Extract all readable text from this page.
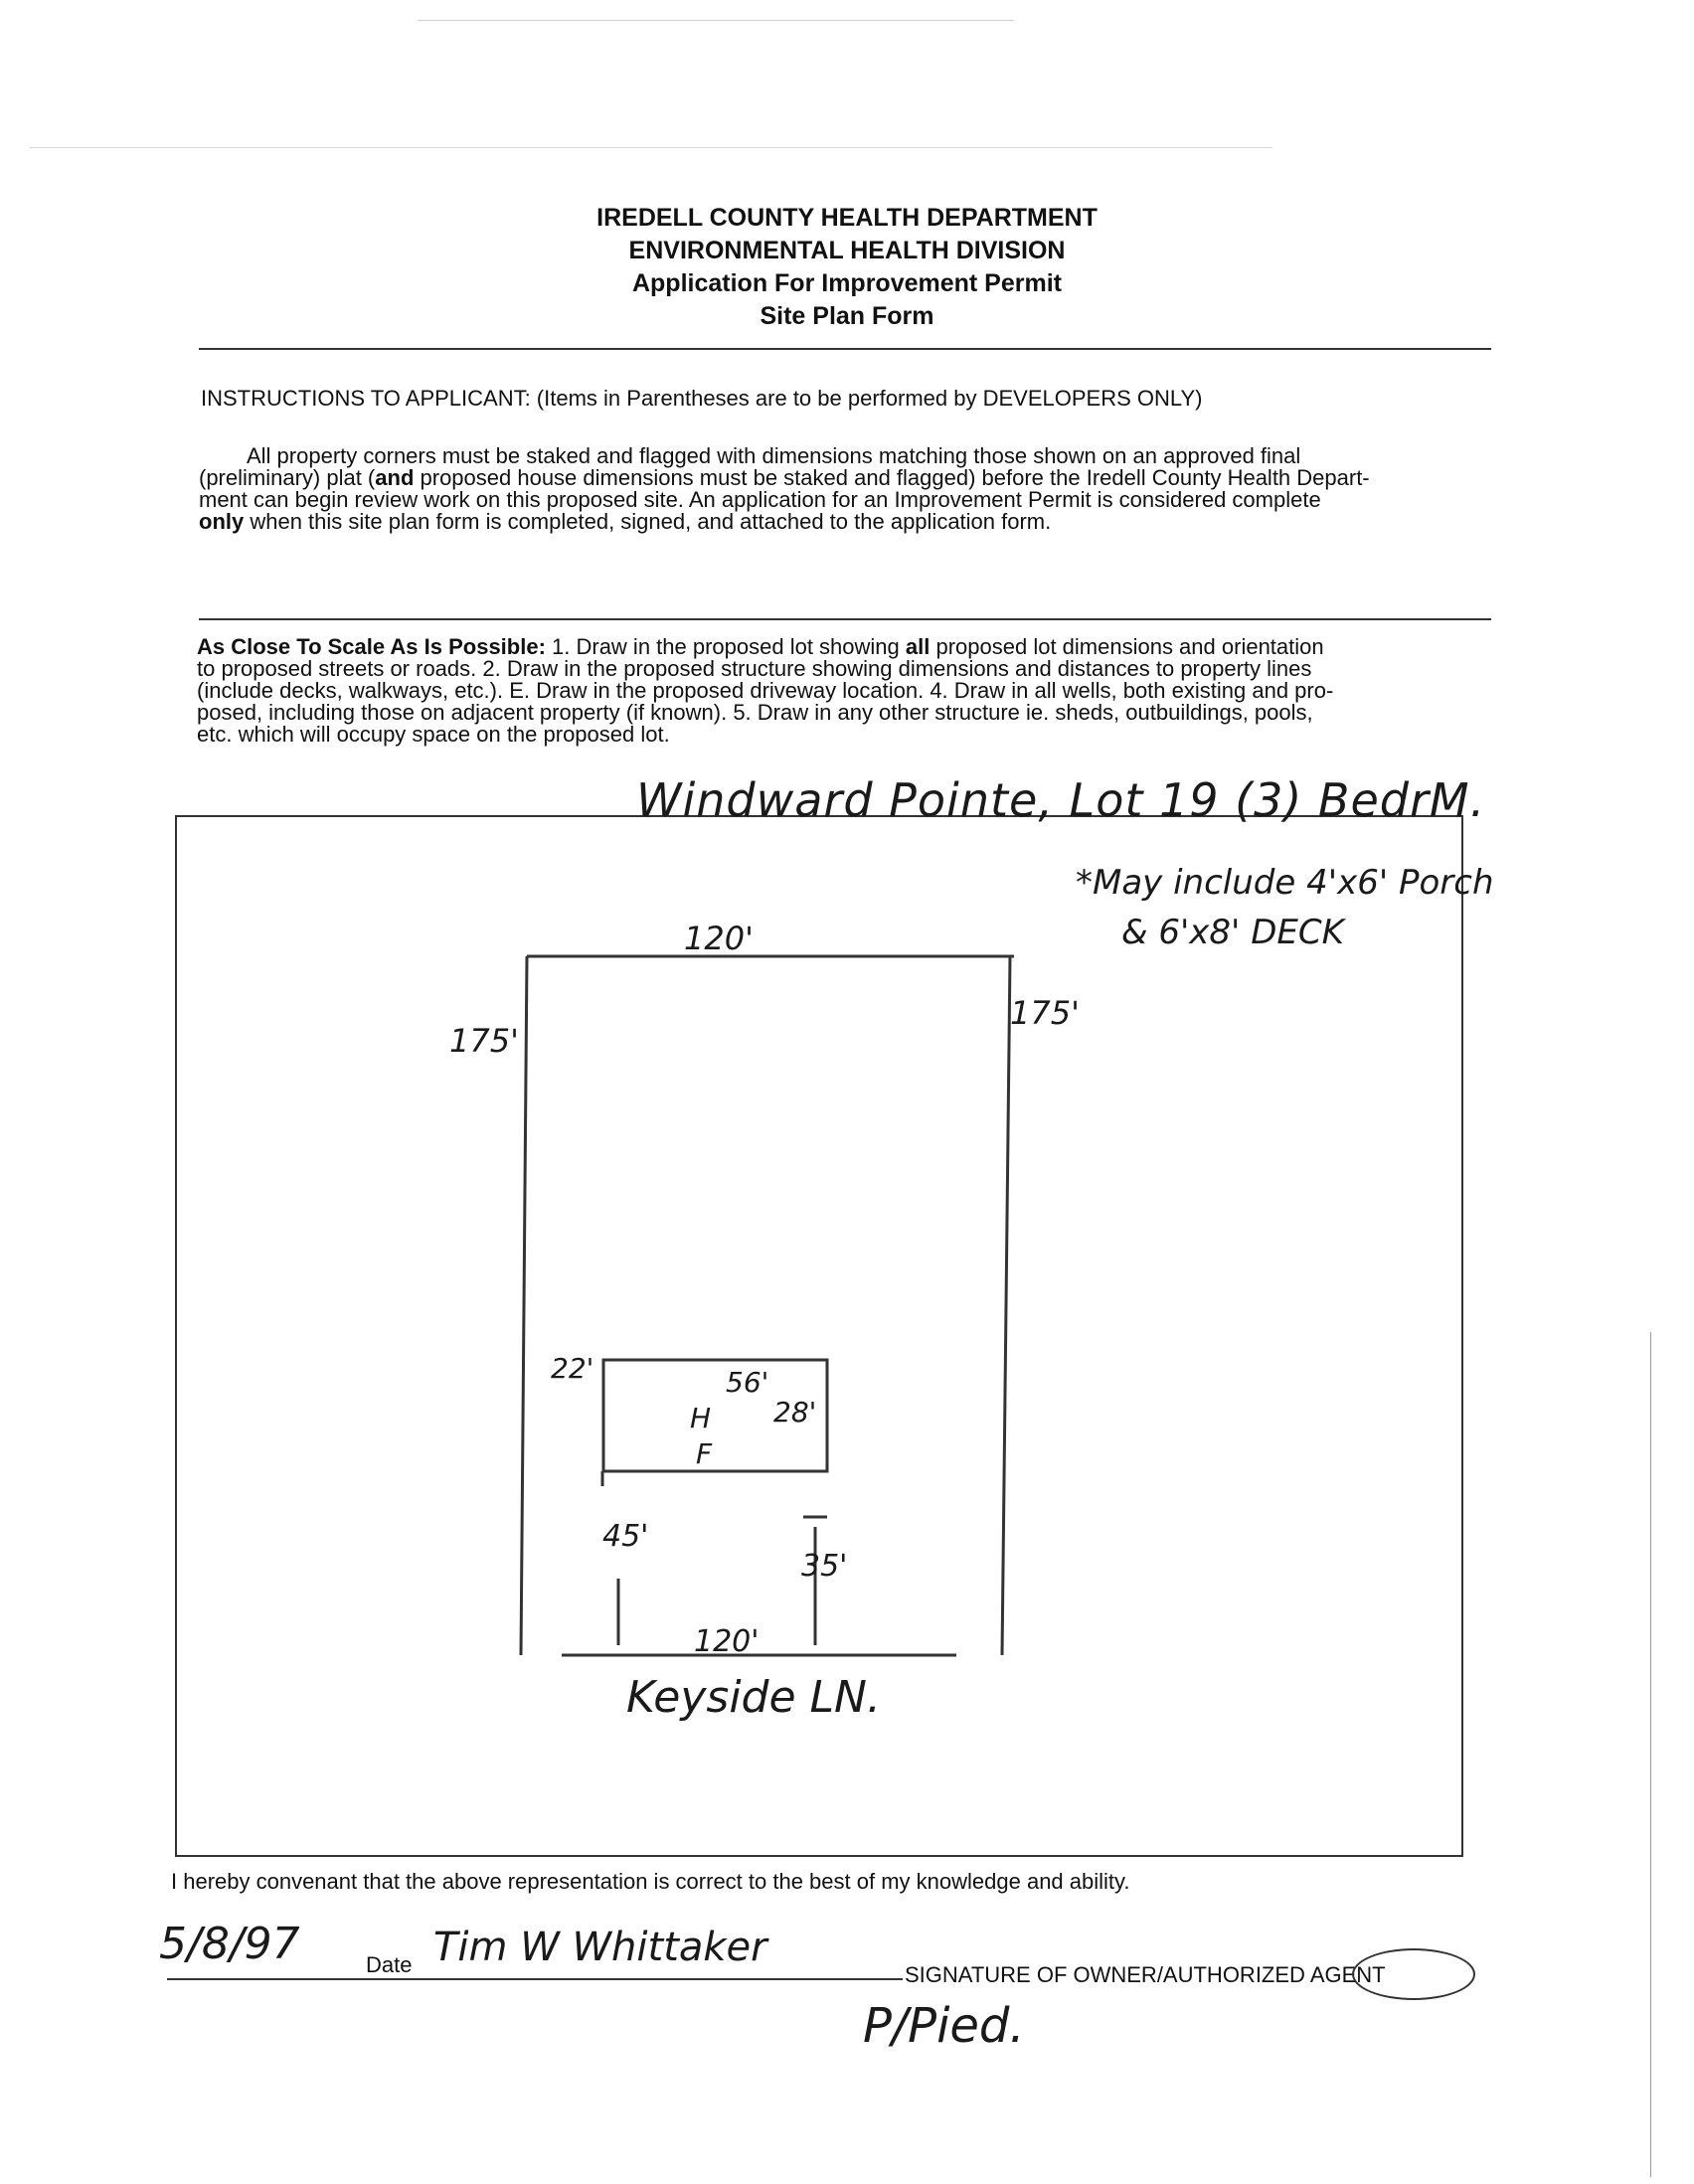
IREDELL COUNTY HEALTH DEPARTMENT
ENVIRONMENTAL HEALTH DIVISION
Application For Improvement Permit
Site Plan Form
INSTRUCTIONS TO APPLICANT: (Items in Parentheses are to be performed by DEVELOPERS ONLY)
All property corners must be staked and flagged with dimensions matching those shown on an approved final
(preliminary) plat (and proposed house dimensions must be staked and flagged) before the Iredell County Health Depart-
ment can begin review work on this proposed site. An application for an Improvement Permit is considered complete
only when this site plan form is completed, signed, and attached to the application form.
As Close To Scale As Is Possible: 1. Draw in the proposed lot showing all proposed lot dimensions and orientation
to proposed streets or roads. 2. Draw in the proposed structure showing dimensions and distances to property lines
(include decks, walkways, etc.). E. Draw in the proposed driveway location. 4. Draw in all wells, both existing and pro-
posed, including those on adjacent property (if known). 5. Draw in any other structure ie. sheds, outbuildings, pools,
etc. which will occupy space on the proposed lot.
Windward Pointe, Lot 19 (3) BedrM.
*May include 4'x6' Porch
& 6'x8' DECK
120'
175'
175'
22'	56'
28'
H
F
45'
35'
120'
Keyside LN.
I hereby convenant that the above representation is correct to the best of my knowledge and ability.
5/8/97	Date Tim W Whittaker
SIGNATURE OF OWNER/AUTHORIZED AGENT
P/Pied.
